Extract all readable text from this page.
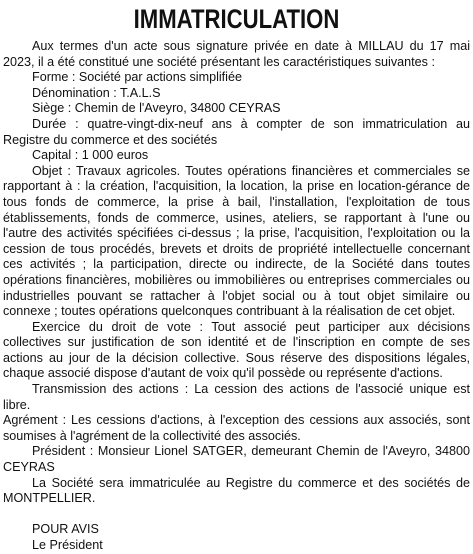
IMMATRICULATION

Aux termes d'un acte sous signature privée en date à MILLAU du 17 mai 2023, il a été constitué une société présentant les caractéristiques suivantes :

Forme : Société par actions simplifiée

Dénomination : T.A.L.S

Siège : Chemin de l'Aveyro, 34800 CEYRAS

Durée : quatre-vingt-dix-neuf ans à compter de son immatriculation au Registre du commerce et des sociétés

Capital : 1 000 euros

Objet : Travaux agricoles. Toutes opérations financières et commerciales se rapportant à : la création, l'acquisition, la location, la prise en location-gérance de tous fonds de commerce, la prise à bail, l'installation, l'exploitation de tous établissements, fonds de commerce, usines, ateliers, se rapportant à l'une ou l'autre des activités spécifiées ci-dessus ; la prise, l'acquisition, l'exploitation ou la cession de tous procédés, brevets et droits de propriété intellectuelle concernant ces activités ; la participation, directe ou indirecte, de la Société dans toutes opérations financières, mobilières ou immobilières ou entreprises commerciales ou industrielles pouvant se rattacher à l'objet social ou à tout objet similaire ou connexe ; toutes opérations quelconques contribuant à la réalisation de cet objet.

Exercice du droit de vote : Tout associé peut participer aux décisions collectives sur justification de son identité et de l'inscription en compte de ses actions au jour de la décision collective. Sous réserve des dispositions légales, chaque associé dispose d'autant de voix qu'il possède ou représente d'actions.

Transmission des actions : La cession des actions de l'associé unique est libre.

Agrément : Les cessions d'actions, à l'exception des cessions aux associés, sont soumises à l'agrément de la collectivité des associés.

Président : Monsieur Lionel SATGER, demeurant Chemin de l'Aveyro, 34800 CEYRAS

La Société sera immatriculée au Registre du commerce et des sociétés de MONTPELLIER.

POUR AVIS

Le Président
